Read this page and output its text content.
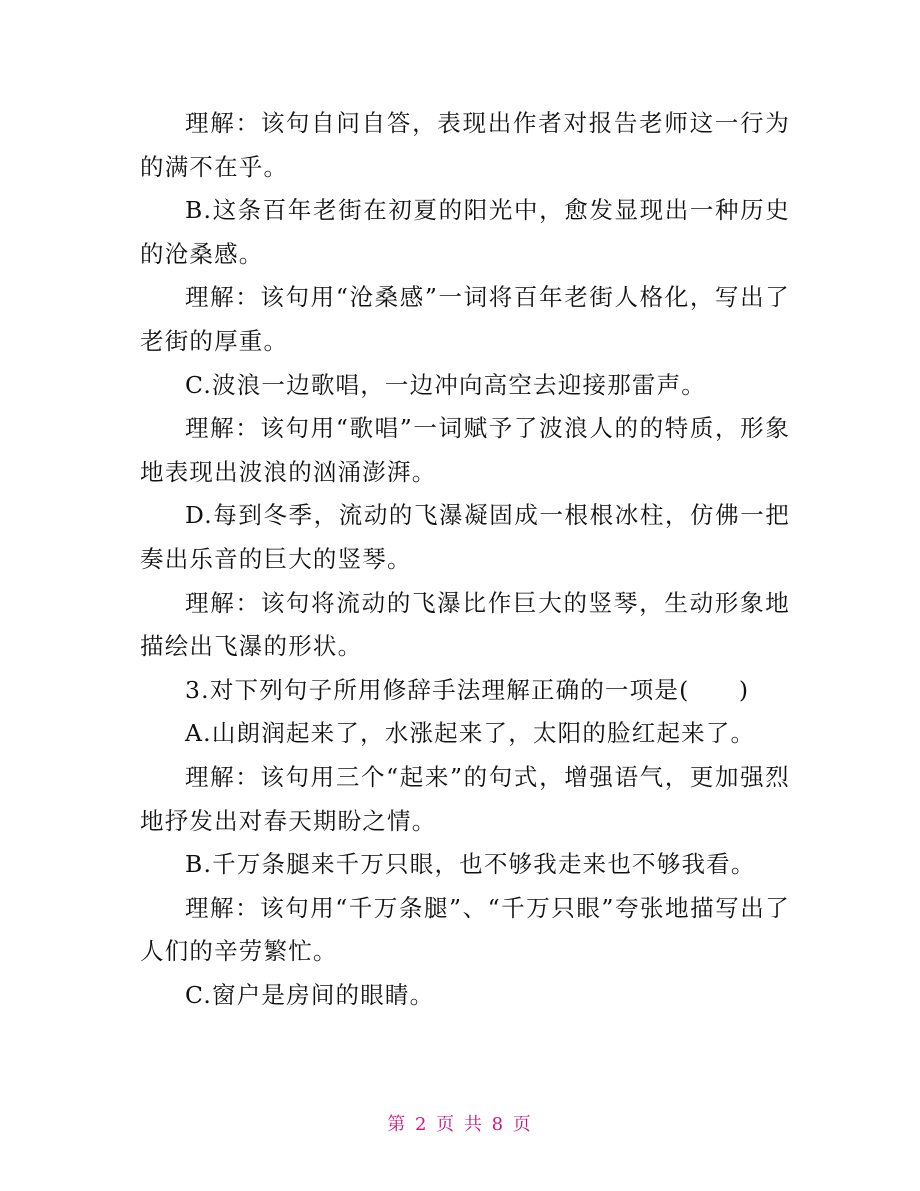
理解：该句自问自答，表现出作者对报告老师这一行为的满不在乎。

B.这条百年老街在初夏的阳光中，愈发显现出一种历史的沧桑感。

理解：该句用“沧桑感”一词将百年老街人格化，写出了老街的厚重。

C.波浪一边歌唱，一边冲向高空去迎接那雷声。

理解：该句用“歌唱”一词赋予了波浪人的的特质，形象地表现出波浪的汹涌澎湃。

D.每到冬季，流动的飞瀑凝固成一根根冰柱，仿佛一把奏出乐音的巨大的竖琴。

理解：该句将流动的飞瀑比作巨大的竖琴，生动形象地描绘出飞瀑的形状。

3.对下列句子所用修辞手法理解正确的一项是(　　)

A.山朗润起来了，水涨起来了，太阳的脸红起来了。

理解：该句用三个“起来”的句式，增强语气，更加强烈地抒发出对春天期盼之情。

B.千万条腿来千万只眼，也不够我走来也不够我看。

理解：该句用“千万条腿”、“千万只眼”夸张地描写出了人们的辛劳繁忙。

C.窗户是房间的眼睛。

第 2 页 共 8 页
